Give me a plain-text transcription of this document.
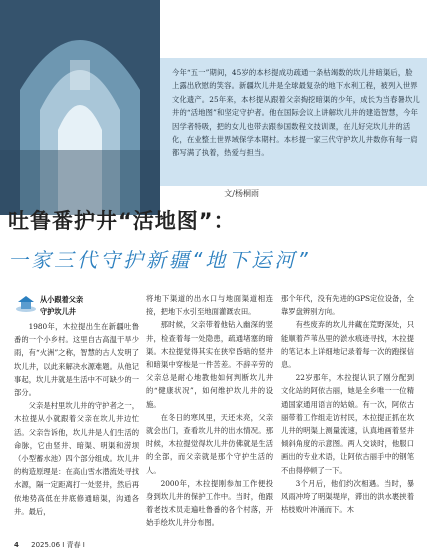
今年“五一”期间，45岁的本杉提成功疏通一条枯竭数的坎儿井暗渠后，脸上露出欣慰的笑容。新疆坎儿井是全球最复杂的地下水利工程，被列入世界文化遗产。25年来，本杉提从跟着父亲掏挖暗渠的少年，成长为当春暑坎儿井的“活地图”和坚定守护者。他在国际会议上讲解坎儿井的建造智慧，今年因学者特吸，把的女儿也带去跟参国数程文技训课，在儿好完坎儿井的活化，在业整土世界域保学本期村。本杉提一家三代守护坎儿井数你有每一肩都写满了执着，热爱与担当。
文/杨桐雨
吐鲁番护井“活地图”：
一家三代守护新疆“地下运河”
从小跟着父亲
守护坎儿井

1980年，木拉提出生在新疆吐鲁番的一个小乡村。这里自古高温干旱少雨，有“火洲”之称，智慧的古人发明了坎儿井，以此来解决水源难题。从他记事起，坎儿井就是生活中不可缺少的一部分。

父亲是村里坎儿井的守护者之一，木拉提从小就跟着父亲在坎儿井边忙活。父亲告诉他，坎儿井是人们生活的命脉，它由竖井、暗渠、明渠和涝坝（小型蓄水池）四个部分组成。坎儿井的构造原理是：在高山雪水潜流处寻找水源，隔一定距离打一处竖井，然后再依地势高低在井底修通暗渠，沟通各井。最后，

将地下渠道的出水口与地面渠道相连接，把地下水引至地面灌溉农田。

那时候，父亲带着他钻入幽深的竖井，检查着每一处隐患，疏通堵塞的暗渠。木拉提觉得其实在狭窄昏暗的竖井和暗渠中穿梭是一件苦差。不辞辛劳的父亲总是耐心地教他如何判断坎儿井的“健康状况”，如何维护坎儿井的设施。

在冬日的寒风里，天还未亮，父亲就会出门，查看坎儿井的出水情况。那时候，木拉提觉得坎儿井仿佛就是生活的全部，而父亲就是那个守护生活的人。

2000年，木拉提刚参加工作便投身到坎儿井的保护工作中。当时，他跟着老技术员走遍吐鲁番的各个村落，开始手绘坎儿井分布图。

那个年代，没有先进的GPS定位设备，全靠罗盘辨别方向。

有些废弃的坎儿井藏在荒野深处，只能顺着芦苇丛里的淤水痕迹寻找，木拉提的笔记本上详细地记录着每一次的跑探信息。

22岁那年，木拉提认识了刚分配到文化站的阿依古丽，她是全乡唯一一位精通国家通用语言的姑娘。有一次，阿依古丽带着工作组走访村民，木拉提正抓在坎儿井的明渠上测量流速，认真地画着竖井倾斜角度的示意图。两人交谈时，他服口画出的专业术语，让阿依古丽手中的钢笔不由得停顿了一下。

3个月后，他们约次相遇。当时，暴风雨冲垮了明渠堤岸，滞出的洪水裹挟着枯枝败叶冲涌而下。木

4 2025.06 I 青春 I
